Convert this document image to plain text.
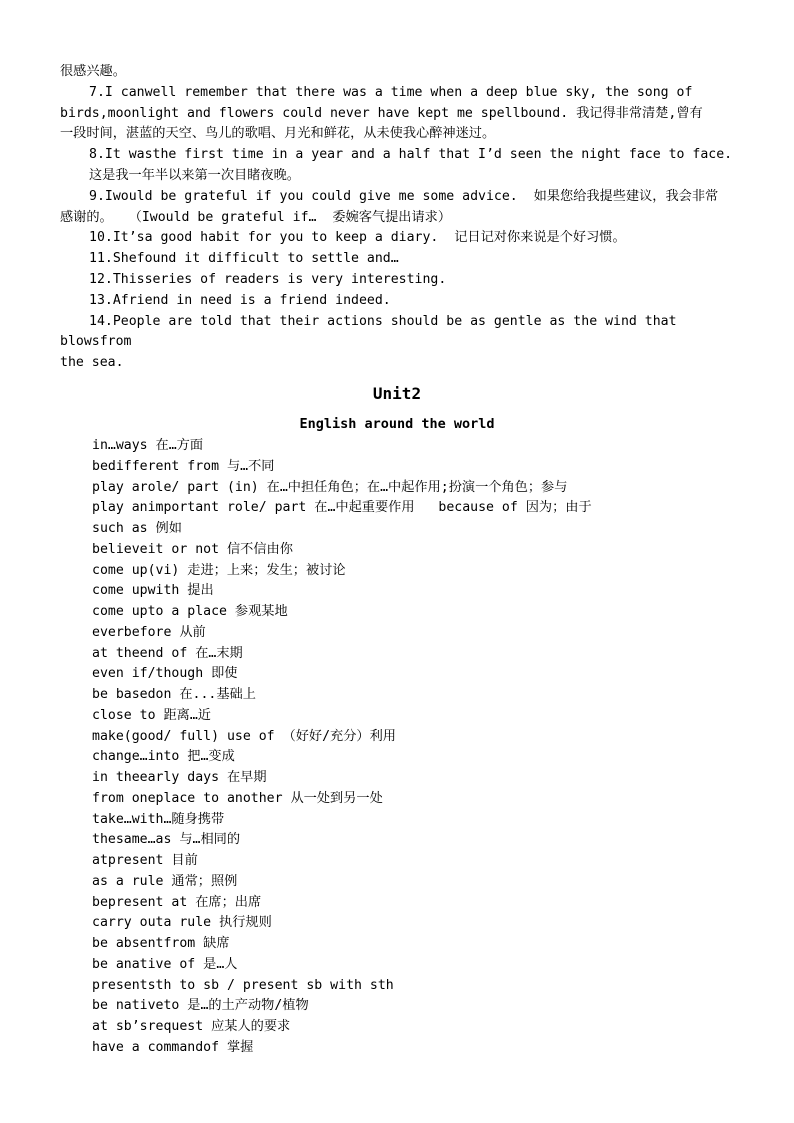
很感兴趣。
7.I canwell remember that there was a time when a deep blue sky, the song of
birds,moonlight and flowers could never have kept me spellbound. 我记得非常清楚,曾有
一段时间，湛蓝的天空、鸟儿的歌唱、月光和鲜花，从未使我心醉神迷过。
8.It wasthe first time in a year and a half that I’d seen the night face to face.
这是我一年半以来第一次目睹夜晚。
9.Iwould be grateful if you could give me some advice.  如果您给我提些建议，我会非常
感谢的。  （Iwould be grateful if…  委婉客气提出请求）
10.It’sa good habit for you to keep a diary.  记日记对你来说是个好习惯。
11.Shefound it difficult to settle and…
12.Thisseries of readers is very interesting.
13.Afriend in need is a friend indeed.
14.People are told that their actions should be as gentle as the wind that blowsfrom
the sea.
Unit2
English around the world
in…ways 在…方面
bedifferent from 与…不同
play arole/ part (in) 在…中担任角色；在…中起作用;扮演一个角色；参与
play animportant role/ part 在…中起重要作用   because of 因为；由于
such as 例如
believeit or not 信不信由你
come up(vi) 走进；上来；发生；被讨论
come upwith 提出
come upto a place 参观某地
everbefore 从前
at theend of 在…末期
even if/though 即使
be basedon 在...基础上
close to 距离…近
make(good/ full) use of （好好/充分）利用
change…into 把…变成
in theearly days 在早期
from oneplace to another 从一处到另一处
take…with…随身携带
thesame…as 与…相同的
atpresent 目前
as a rule 通常；照例
bepresent at 在席；出席
carry outa rule 执行规则
be absentfrom 缺席
be anative of 是…人
presentsth to sb / present sb with sth
be nativeto 是…的土产动物/植物
at sb’srequest 应某人的要求
have a commandof 掌握
